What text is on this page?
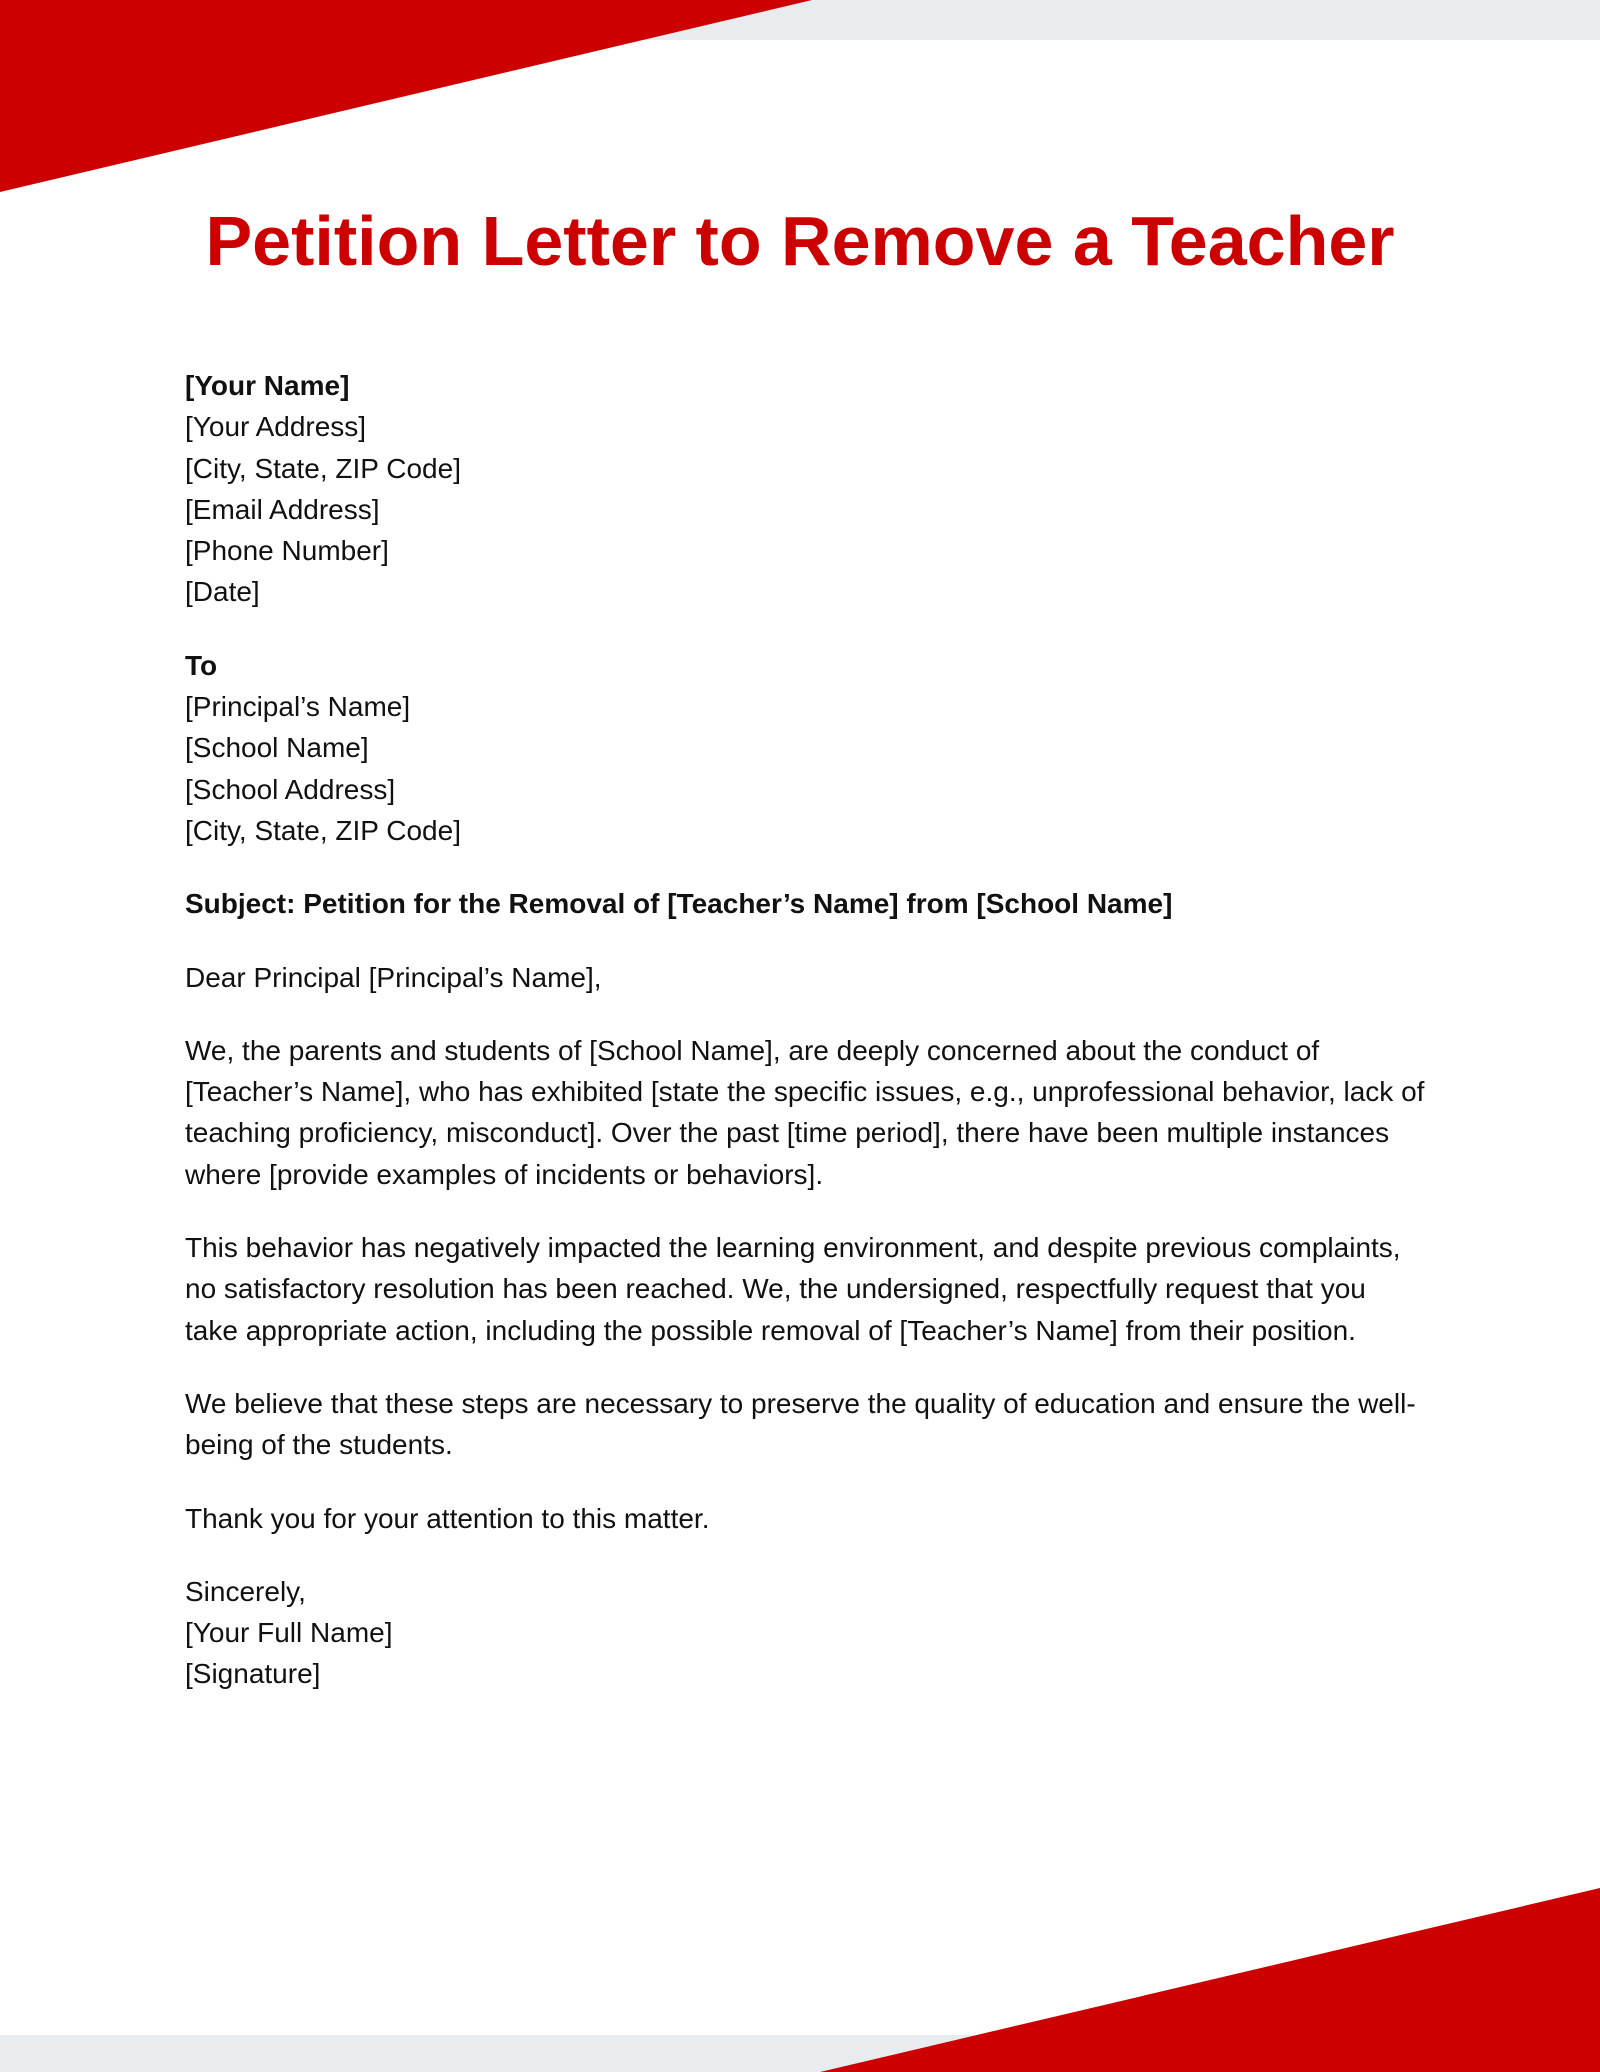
Petition Letter to Remove a Teacher
[Your Name]
[Your Address]
[City, State, ZIP Code]
[Email Address]
[Phone Number]
[Date]
To
[Principal’s Name]
[School Name]
[School Address]
[City, State, ZIP Code]
Subject: Petition for the Removal of [Teacher’s Name] from [School Name]
Dear Principal [Principal’s Name],

We, the parents and students of [School Name], are deeply concerned about the conduct of [Teacher’s Name], who has exhibited [state the specific issues, e.g., unprofessional behavior, lack of teaching proficiency, misconduct]. Over the past [time period], there have been multiple instances where [provide examples of incidents or behaviors].

This behavior has negatively impacted the learning environment, and despite previous complaints, no satisfactory resolution has been reached. We, the undersigned, respectfully request that you take appropriate action, including the possible removal of [Teacher’s Name] from their position.

We believe that these steps are necessary to preserve the quality of education and ensure the well-being of the students.

Thank you for your attention to this matter.

Sincerely,
[Your Full Name]
[Signature]
